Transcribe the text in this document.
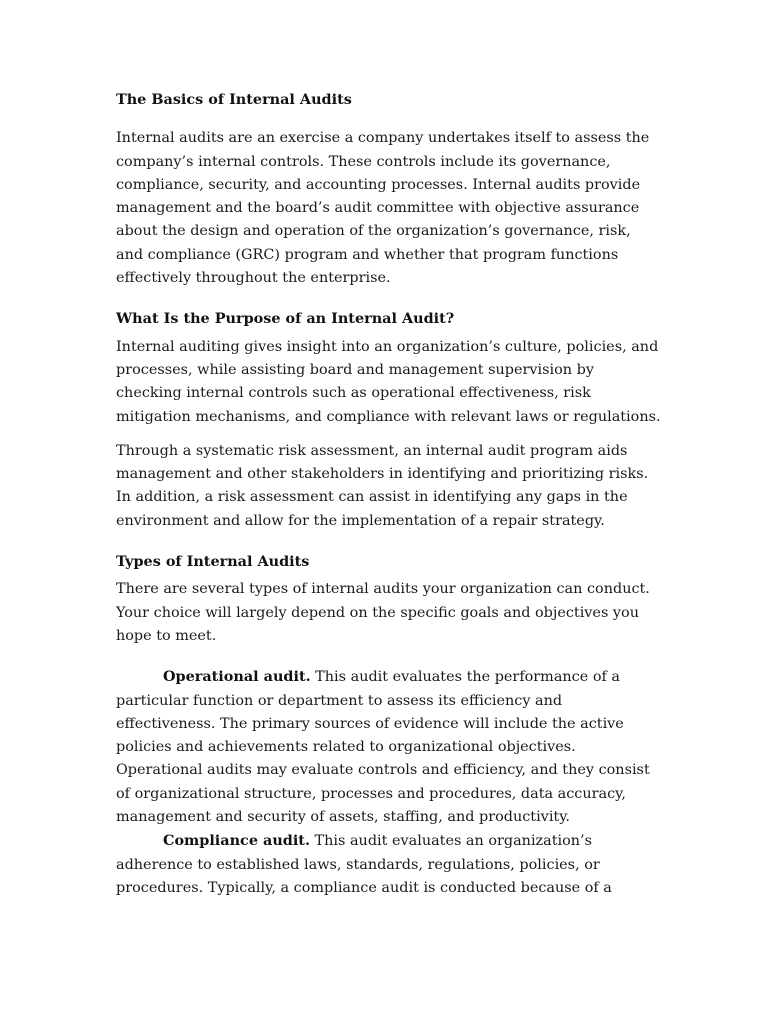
The Basics of Internal Audits

Internal audits are an exercise a company undertakes itself to assess the company’s internal controls. These controls include its governance, compliance, security, and accounting processes. Internal audits provide management and the board’s audit committee with objective assurance about the design and operation of the organization’s governance, risk, and compliance (GRC) program and whether that program functions effectively throughout the enterprise.

What Is the Purpose of an Internal Audit?

Internal auditing gives insight into an organization’s culture, policies, and processes, while assisting board and management supervision by checking internal controls such as operational effectiveness, risk mitigation mechanisms, and compliance with relevant laws or regulations.

Through a systematic risk assessment, an internal audit program aids management and other stakeholders in identifying and prioritizing risks. In addition, a risk assessment can assist in identifying any gaps in the environment and allow for the implementation of a repair strategy.

Types of Internal Audits

There are several types of internal audits your organization can conduct. Your choice will largely depend on the specific goals and objectives you hope to meet.

Operational audit. This audit evaluates the performance of a particular function or department to assess its efficiency and effectiveness. The primary sources of evidence will include the active policies and achievements related to organizational objectives. Operational audits may evaluate controls and efficiency, and they consist of organizational structure, processes and procedures, data accuracy, management and security of assets, staffing, and productivity.

Compliance audit. This audit evaluates an organization’s adherence to established laws, standards, regulations, policies, or procedures. Typically, a compliance audit is conducted because of a
